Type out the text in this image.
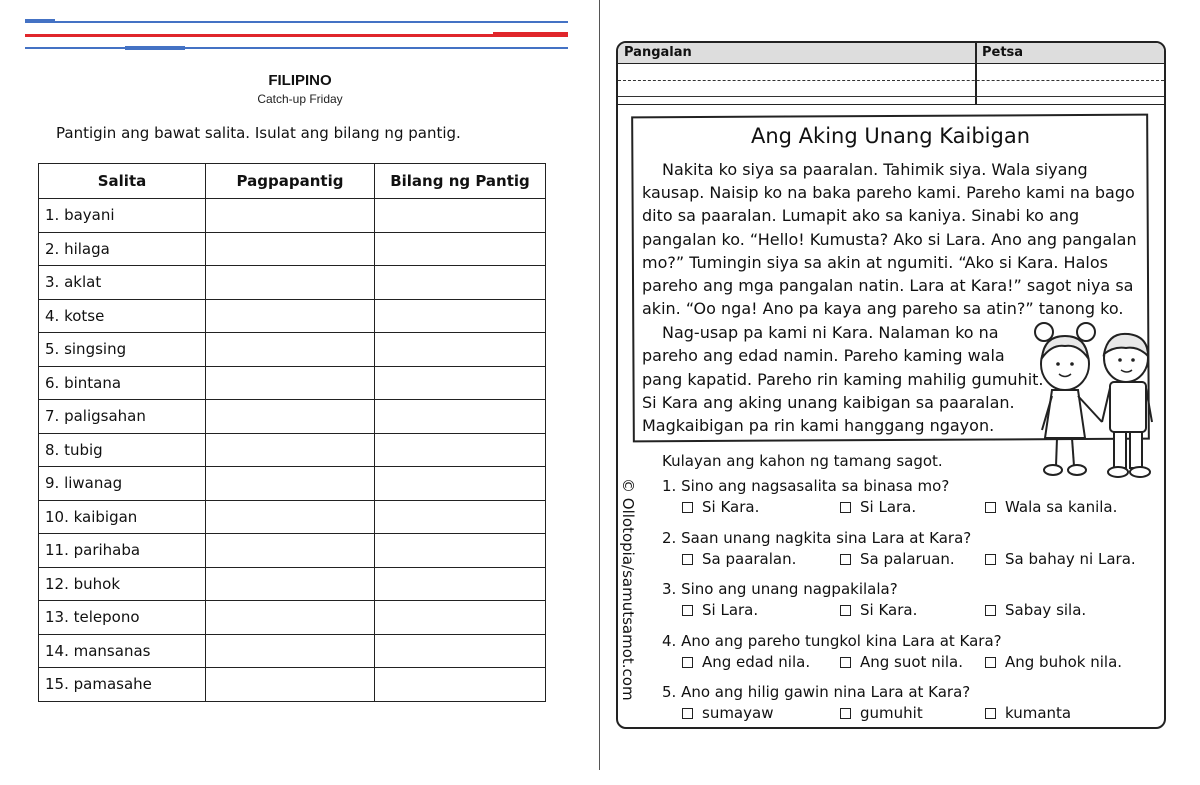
FILIPINO
Catch-up Friday
Pantigin ang bawat salita. Isulat ang bilang ng pantig.
Salita	Pagpapantig	Bilang ng Pantig
1. bayani		
2. hilaga		
3. aklat		
4. kotse		
5. singsing		
6. bintana		
7. paligsahan		
8. tubig		
9. liwanag		
10. kaibigan		
11. parihaba		
12. buhok		
13. telepono		
14. mansanas		
15. pamasahe		
Pangalan	Petsa
Ang Aking Unang Kaibigan
Nakita ko siya sa paaralan. Tahimik siya. Wala siyang
kausap. Naisip ko na baka pareho kami. Pareho kami na bago
dito sa paaralan. Lumapit ako sa kaniya. Sinabi ko ang
pangalan ko. “Hello! Kumusta? Ako si Lara. Ano ang pangalan
mo?” Tumingin siya sa akin at ngumiti. “Ako si Kara. Halos
pareho ang mga pangalan natin. Lara at Kara!” sagot niya sa
akin. “Oo nga! Ano pa kaya ang pareho sa atin?” tanong ko.
Nag-usap pa kami ni Kara. Nalaman ko na
pareho ang edad namin. Pareho kaming wala
pang kapatid. Pareho rin kaming mahilig gumuhit.
Si Kara ang aking unang kaibigan sa paaralan.
Magkaibigan pa rin kami hanggang ngayon.
Kulayan ang kahon ng tamang sagot.
1. Sino ang nagsasalita sa binasa mo?
Si Kara.	Si Lara.	Wala sa kanila.
2. Saan unang nagkita sina Lara at Kara?
Sa paaralan.	Sa palaruan.	Sa bahay ni Lara.
3. Sino ang unang nagpakilala?
Si Lara.	Si Kara.	Sabay sila.
4. Ano ang pareho tungkol kina Lara at Kara?
Ang edad nila.	Ang suot nila.	Ang buhok nila.
5. Ano ang hilig gawin nina Lara at Kara?
sumayaw	gumuhit	kumanta
© Ollotopia/samutsamot.com
